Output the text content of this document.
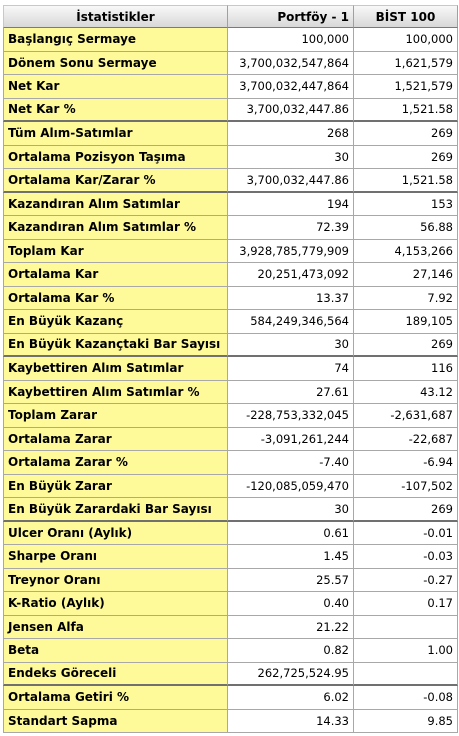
İstatistikler	Portföy - 1	BİST 100
Başlangıç Sermaye	100,000	100,000
Dönem Sonu Sermaye	3,700,032,547,864	1,621,579
Net Kar	3,700,032,447,864	1,521,579
Net Kar %	3,700,032,447.86	1,521.58
Tüm Alım-Satımlar	268	269
Ortalama Pozisyon Taşıma	30	269
Ortalama Kar/Zarar %	3,700,032,447.86	1,521.58
Kazandıran Alım Satımlar	194	153
Kazandıran Alım Satımlar %	72.39	56.88
Toplam Kar	3,928,785,779,909	4,153,266
Ortalama Kar	20,251,473,092	27,146
Ortalama Kar %	13.37	7.92
En Büyük Kazanç	584,249,346,564	189,105
En Büyük Kazançtaki Bar Sayısı	30	269
Kaybettiren Alım Satımlar	74	116
Kaybettiren Alım Satımlar %	27.61	43.12
Toplam Zarar	-228,753,332,045	-2,631,687
Ortalama Zarar	-3,091,261,244	-22,687
Ortalama Zarar %	-7.40	-6.94
En Büyük Zarar	-120,085,059,470	-107,502
En Büyük Zarardaki Bar Sayısı	30	269
Ulcer Oranı (Aylık)	0.61	-0.01
Sharpe Oranı	1.45	-0.03
Treynor Oranı	25.57	-0.27
K-Ratio (Aylık)	0.40	0.17
Jensen Alfa	21.22
Beta	0.82	1.00
Endeks Göreceli	262,725,524.95
Ortalama Getiri %	6.02	-0.08
Standart Sapma	14.33	9.85
